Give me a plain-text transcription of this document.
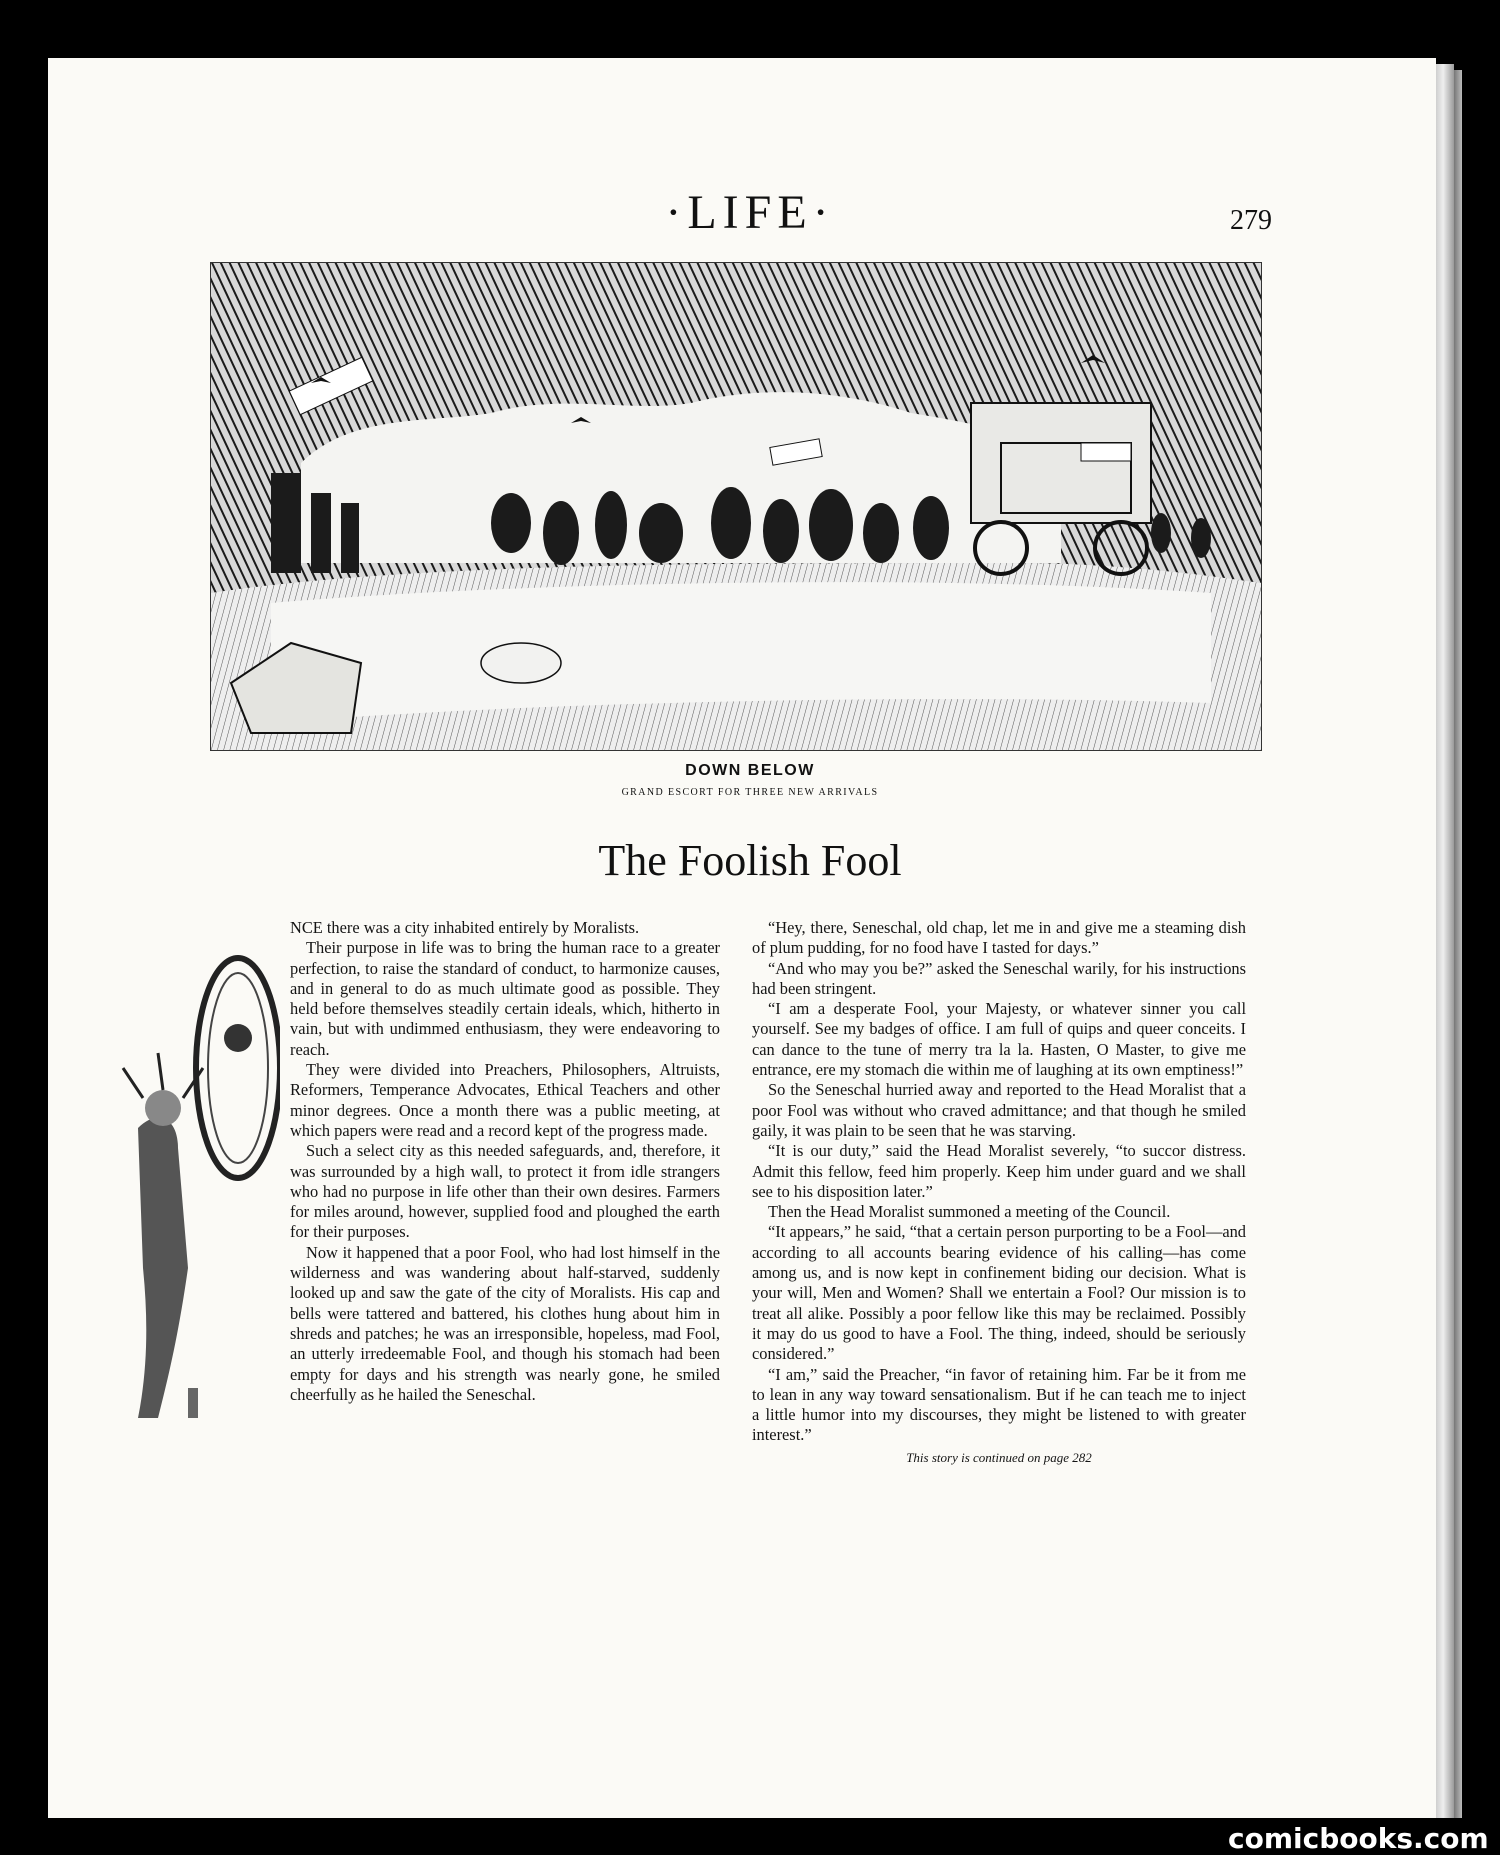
·LIFE·	279
DOWN BELOW
GRAND ESCORT FOR THREE NEW ARRIVALS
The Foolish Fool

NCE there was a city inhabited entirely by Moralists.

Their purpose in life was to bring the human race to a greater perfection, to raise the standard of conduct, to harmonize causes, and in general to do as much ultimate good as possible. They held before themselves steadily certain ideals, which, hitherto in vain, but with undimmed enthusiasm, they were endeavoring to reach.

They were divided into Preachers, Philosophers, Altruists, Reformers, Temperance Advocates, Ethical Teachers and other minor degrees. Once a month there was a public meeting, at which papers were read and a record kept of the progress made.

Such a select city as this needed safeguards, and, therefore, it was surrounded by a high wall, to protect it from idle strangers who had no purpose in life other than their own desires. Farmers for miles around, however, supplied food and ploughed the earth for their purposes.

Now it happened that a poor Fool, who had lost himself in the wilderness and was wandering about half-starved, suddenly looked up and saw the gate of the city of Moralists. His cap and bells were tattered and battered, his clothes hung about him in shreds and patches; he was an irresponsible, hopeless, mad Fool, an utterly irredeemable Fool, and though his stomach had been empty for days and his strength was nearly gone, he smiled cheerfully as he hailed the Seneschal.

“Hey, there, Seneschal, old chap, let me in and give me a steaming dish of plum pudding, for no food have I tasted for days.”

“And who may you be?” asked the Seneschal warily, for his instructions had been stringent.

“I am a desperate Fool, your Majesty, or whatever sinner you call yourself. See my badges of office. I am full of quips and queer conceits. I can dance to the tune of merry tra la la. Hasten, O Master, to give me entrance, ere my stomach die within me of laughing at its own emptiness!”

So the Seneschal hurried away and reported to the Head Moralist that a poor Fool was without who craved admittance; and that though he smiled gaily, it was plain to be seen that he was starving.

“It is our duty,” said the Head Moralist severely, “to succor distress. Admit this fellow, feed him properly. Keep him under guard and we shall see to his disposition later.”

Then the Head Moralist summoned a meeting of the Council.

“It appears,” he said, “that a certain person purporting to be a Fool—and according to all accounts bearing evidence of his calling—has come among us, and is now kept in confinement biding our decision. What is your will, Men and Women? Shall we entertain a Fool? Our mission is to treat all alike. Possibly a poor fellow like this may be reclaimed. Possibly it may do us good to have a Fool. The thing, indeed, should be seriously considered.”

“I am,” said the Preacher, “in favor of retaining him. Far be it from me to lean in any way toward sensationalism. But if he can teach me to inject a little humor into my discourses, they might be listened to with greater interest.”

This story is continued on page 282
comicbooks.com
